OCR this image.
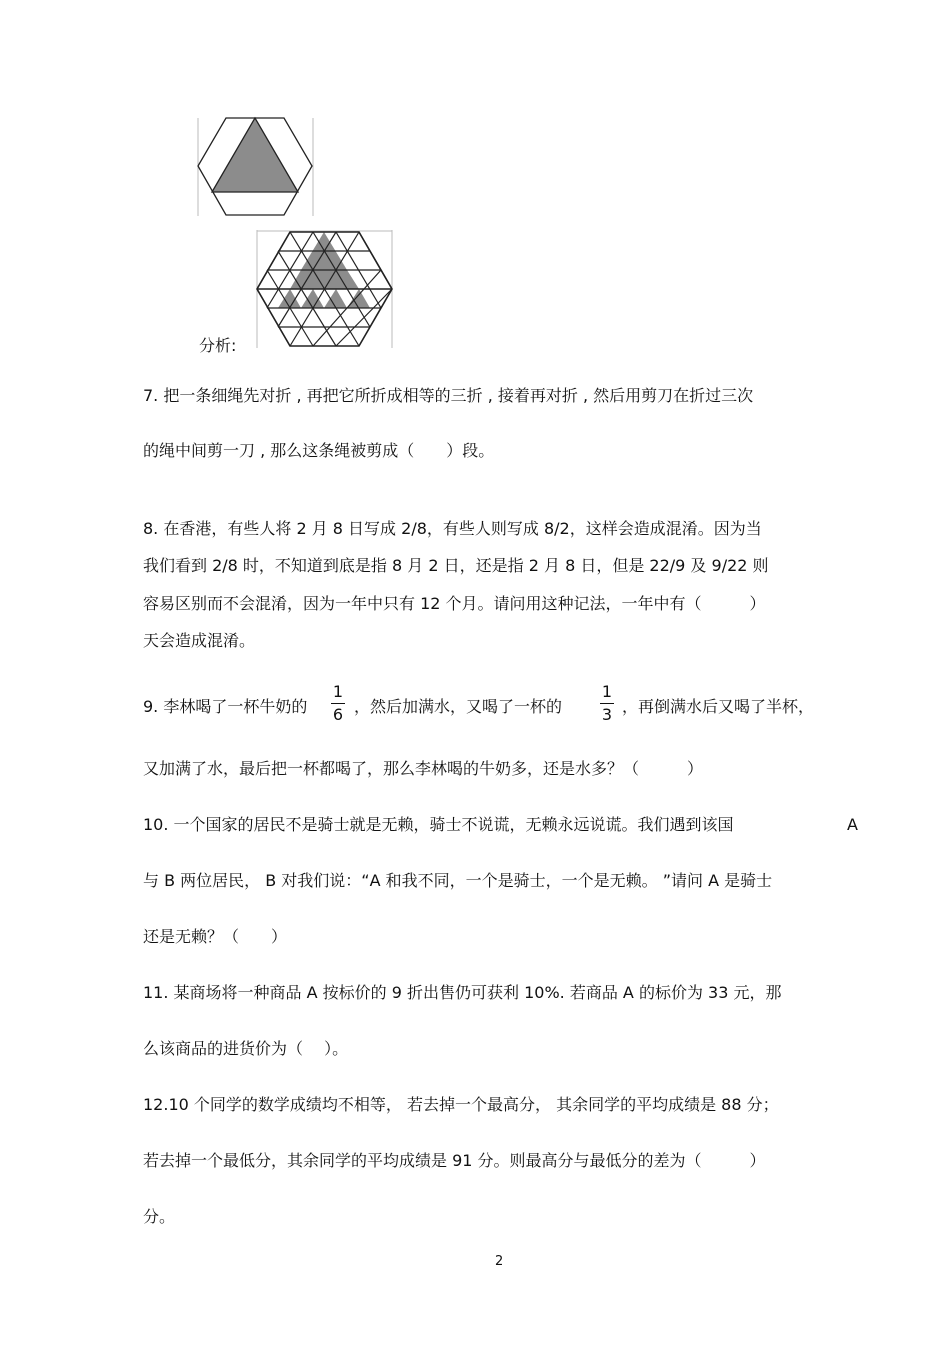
分析:
7. 把一条细绳先对折 , 再把它所折成相等的三折 , 接着再对折 , 然后用剪刀在折过三次
的绳中间剪一刀 , 那么这条绳被剪成（　　）段。
8. 在香港，有些人将 2 月 8 日写成 2/8，有些人则写成 8/2，这样会造成混淆。因为当
我们看到 2/8 时，不知道到底是指 8 月 2 日，还是指 2 月 8 日，但是 22/9 及 9/22 则
容易区别而不会混淆，因为一年中只有 12 个月。请问用这种记法，一年中有（　　　）
天会造成混淆。
9. 李林喝了一杯牛奶的
1
6 ，然后加满水，又喝了一杯的
1
3 ，再倒满水后又喝了半杯，
又加满了水，最后把一杯都喝了，那么李林喝的牛奶多，还是水多？（　　　）
10. 一个国家的居民不是骑士就是无赖，骑士不说谎，无赖永远说谎。我们遇到该国	A
与 B 两位居民， B 对我们说：“A 和我不同，一个是骑士，一个是无赖。 ”请问 A 是骑士
还是无赖？（　　）
11. 某商场将一种商品 A 按标价的 9 折出售仍可获利 10%. 若商品 A 的标价为 33 元，那
么该商品的进货价为（　 ）。
12.10 个同学的数学成绩均不相等， 若去掉一个最高分， 其余同学的平均成绩是 88 分；
若去掉一个最低分，其余同学的平均成绩是 91 分。则最高分与最低分的差为（　　　）
分。
2
